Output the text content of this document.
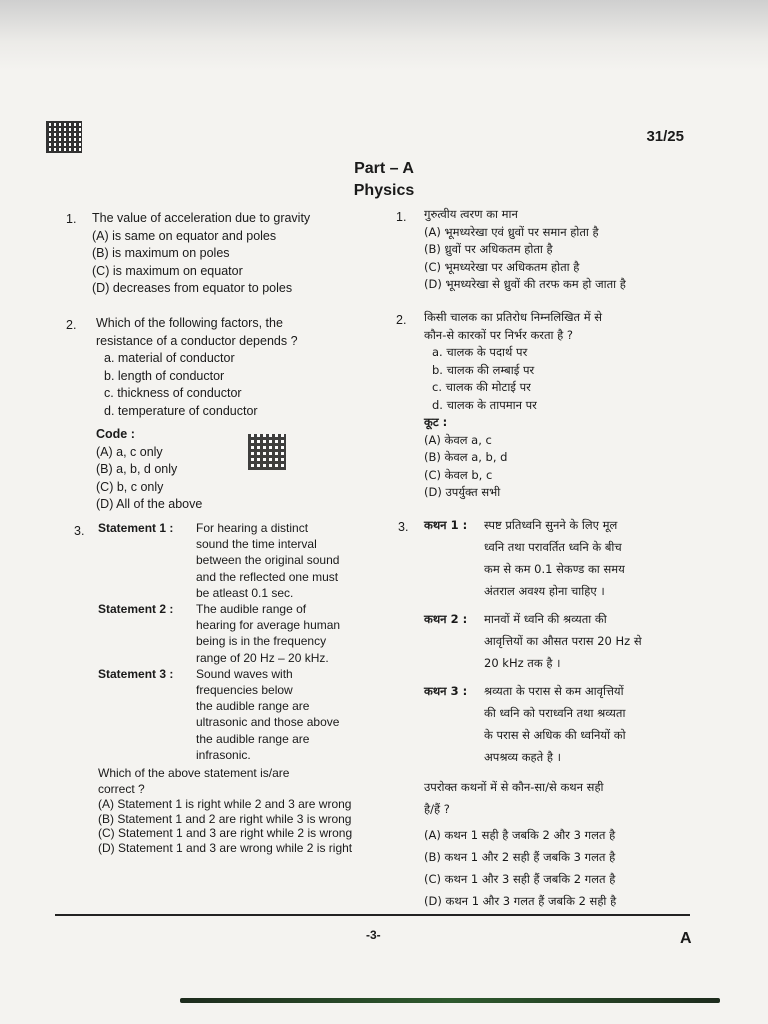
31/25
Part – A
Physics
1. The value of acceleration due to gravity
(A) is same on equator and poles
(B) is maximum on poles
(C) is maximum on equator
(D) decreases from equator to poles
1. गुरुत्वीय त्वरण का मान
(A) भूमध्यरेखा एवं ध्रुवों पर समान होता है
(B) ध्रुवों पर अधिकतम होता है
(C) भूमध्यरेखा पर अधिकतम होता है
(D) भूमध्यरेखा से ध्रुवों की तरफ कम हो जाता है
2. Which of the following factors, the
resistance of a conductor depends ?
a. material of conductor
b. length of conductor
c. thickness of conductor
d. temperature of conductor
Code :
(A) a, c only
(B) a, b, d only
(C) b, c only
(D) All of the above
2. किसी चालक का प्रतिरोध निम्नलिखित में से
कौन-से कारकों पर निर्भर करता है ?
a. चालक के पदार्थ पर
b. चालक की लम्बाई पर
c. चालक की मोटाई पर
d. चालक के तापमान पर
कूट :
(A) केवल a, c
(B) केवल a, b, d
(C) केवल b, c
(D) उपर्युक्त सभी
3. Statement 1 :	For hearing a distinct
sound the time interval
between the original sound
and the reflected one must
be atleast 0.1 sec.
Statement 2 :	The audible range of
hearing for average human
being is in the frequency
range of 20 Hz – 20 kHz.
Statement 3 :	Sound waves with
frequencies below
the audible range are
ultrasonic and those above
the audible range are
infrasonic.
Which of the above statement is/are
correct ?
(A) Statement 1 is right while 2 and 3 are wrong
(B) Statement 1 and 2 are right while 3 is wrong
(C) Statement 1 and 3 are right while 2 is wrong
(D) Statement 1 and 3 are wrong while 2 is right
3. कथन 1 :	स्पष्ट प्रतिध्वनि सुनने के लिए मूल
ध्वनि तथा परावर्तित ध्वनि के बीच
कम से कम 0.1 सेकण्ड का समय
अंतराल अवश्य होना चाहिए ।
कथन 2 :	मानवों में ध्वनि की श्रव्यता की
आवृत्तियों का औसत परास 20 Hz से
20 kHz तक है ।
कथन 3 :	श्रव्यता के परास से कम आवृत्तियों
की ध्वनि को पराध्वनि तथा श्रव्यता
के परास से अधिक की ध्वनियों को
अपश्रव्य कहते है ।
उपरोक्त कथनों में से कौन-सा/से कथन सही
है/हैं ?
(A) कथन 1 सही है जबकि 2 और 3 गलत है
(B) कथन 1 और 2 सही हैं जबकि 3 गलत है
(C) कथन 1 और 3 सही हैं जबकि 2 गलत है
(D) कथन 1 और 3 गलत हैं जबकि 2 सही है
-3-	A
